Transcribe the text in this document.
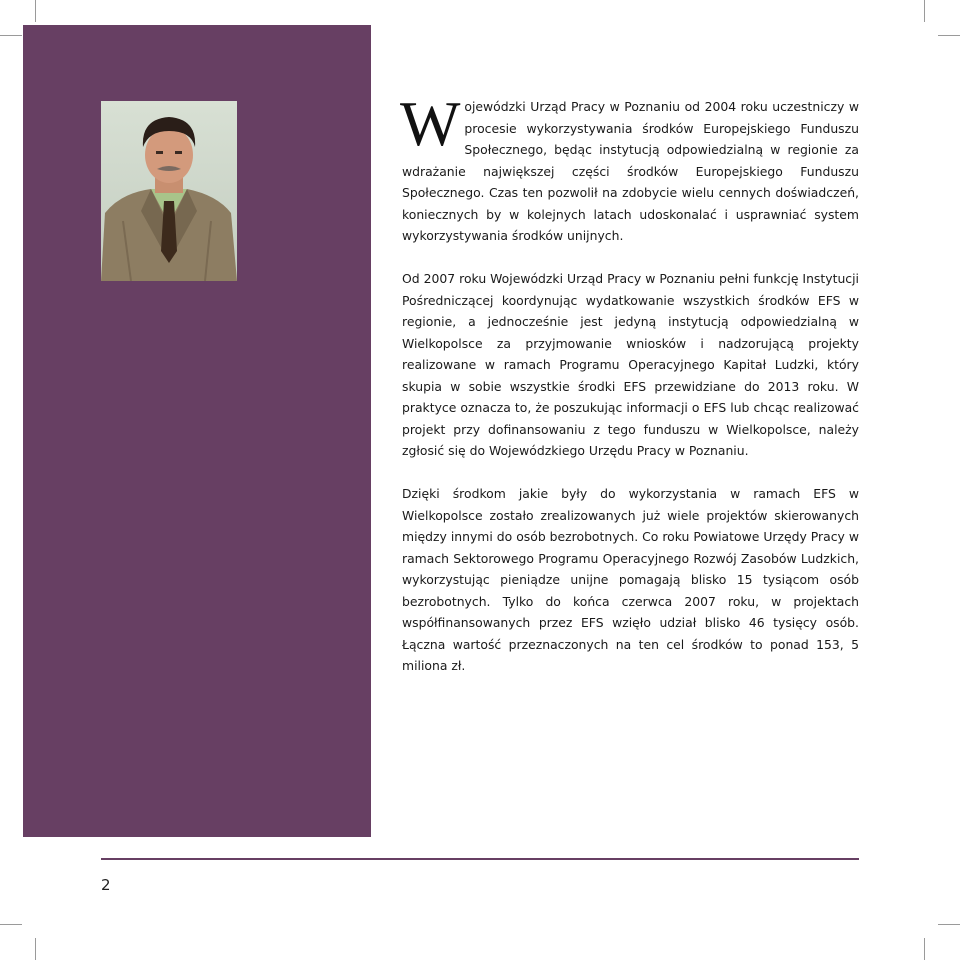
Wojewódzki Urząd Pracy w Poznaniu od 2004 roku uczestniczy w procesie wykorzystywania środków Europejskiego Funduszu Społecznego, będąc instytucją odpowiedzialną w regionie za wdrażanie największej części środków Europejskiego Funduszu Społecznego. Czas ten pozwolił na zdobycie wielu cennych doświadczeń, koniecznych by w kolejnych latach udoskonalać i usprawniać system wykorzystywania środków unijnych.

Od 2007 roku Wojewódzki Urząd Pracy w Poznaniu pełni funkcję Instytucji Pośredniczącej koordynując wydatkowanie wszystkich środków EFS w regionie, a jednocześnie jest jedyną instytucją odpowiedzialną w Wielkopolsce za przyjmowanie wniosków i nadzorującą projekty realizowane w ramach Programu Operacyjnego Kapitał Ludzki, który skupia w sobie wszystkie środki EFS przewidziane do 2013 roku. W praktyce oznacza to, że poszukując informacji o EFS lub chcąc realizować projekt przy dofinansowaniu z tego funduszu w Wielkopolsce, należy zgłosić się do Wojewódzkiego Urzędu Pracy w Poznaniu.

Dzięki środkom jakie były do wykorzystania w ramach EFS w Wielkopolsce zostało zrealizowanych już wiele projektów skierowanych między innymi do osób bezrobotnych. Co roku Powiatowe Urzędy Pracy w ramach Sektorowego Programu Operacyjnego Rozwój Zasobów Ludzkich, wykorzystując pieniądze unijne pomagają blisko 15 tysiącom osób bezrobotnych. Tylko do końca czerwca 2007 roku, w projektach współfinansowanych przez EFS wzięło udział blisko 46 tysięcy osób. Łączna wartość przeznaczonych na ten cel środków to ponad 153, 5 miliona zł.

2
